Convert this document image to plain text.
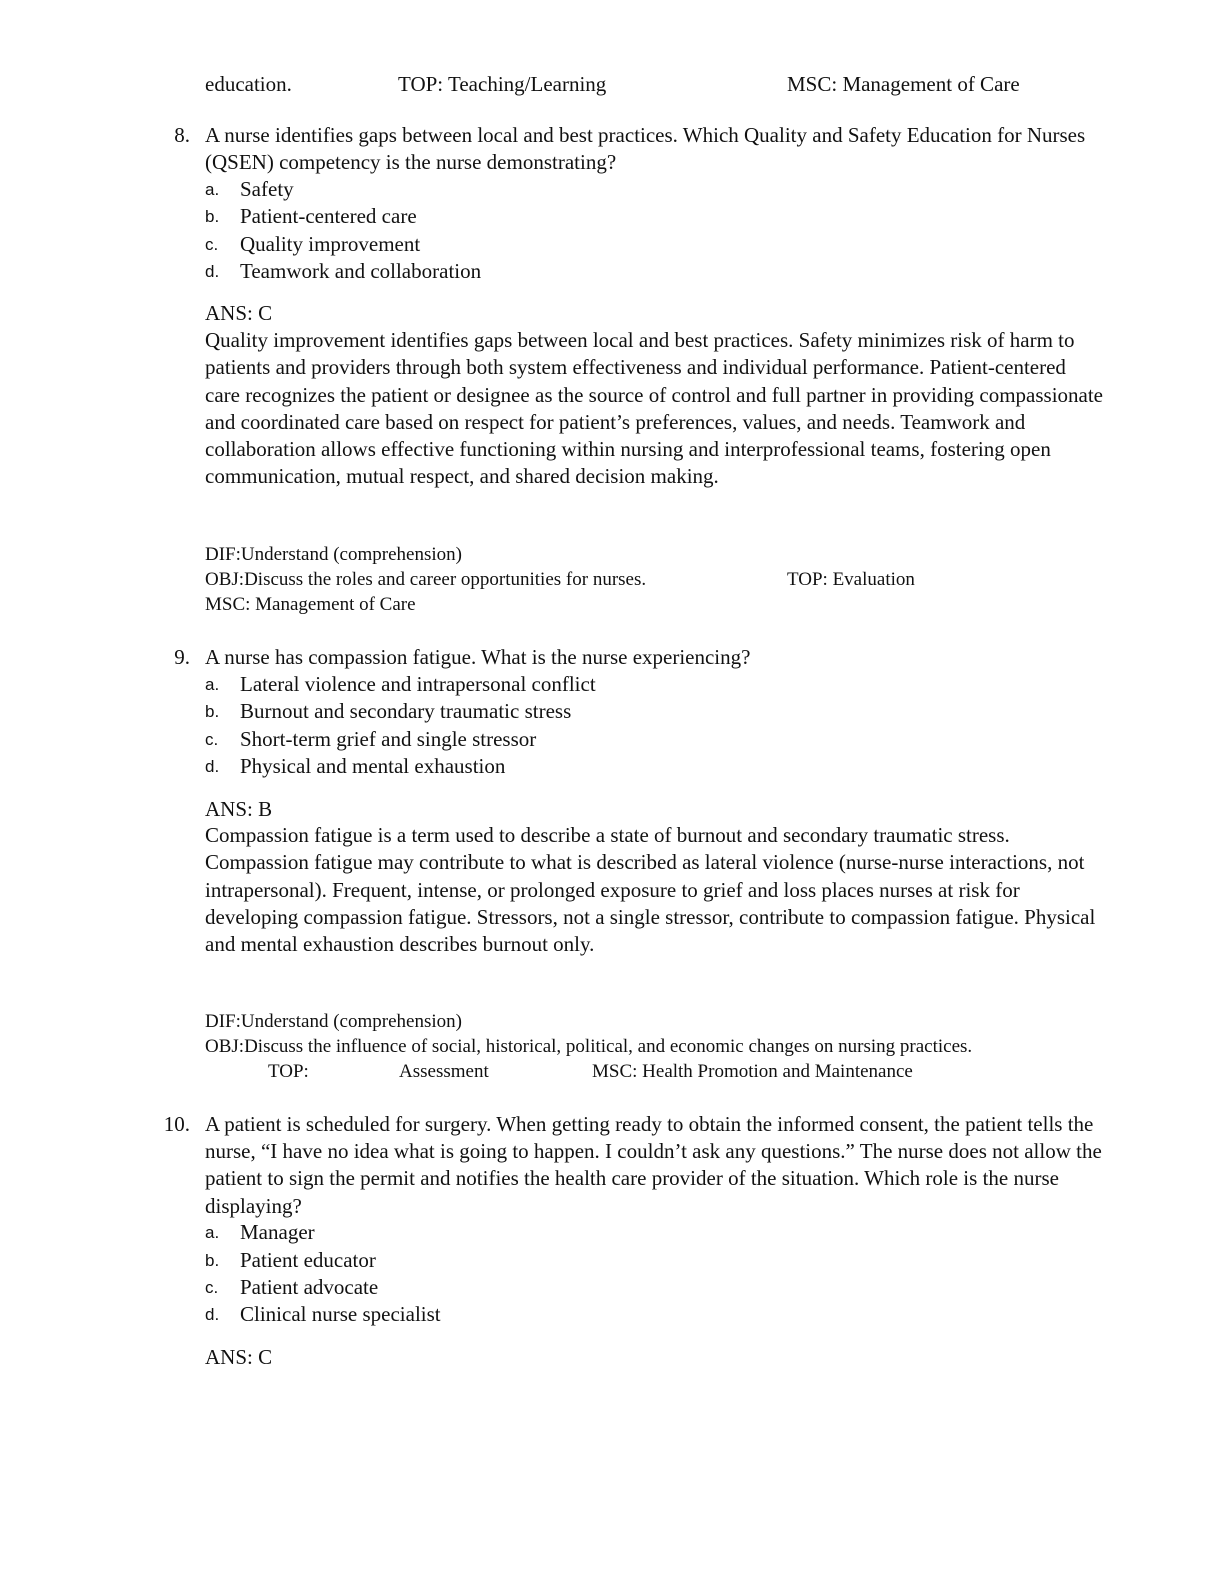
education.	TOP: Teaching/Learning	MSC: Management of Care
8. A nurse identifies gaps between local and best practices. Which Quality and Safety Education for Nurses (QSEN) competency is the nurse demonstrating?
a. Safety
b. Patient-centered care
c. Quality improvement
d. Teamwork and collaboration
ANS: C
Quality improvement identifies gaps between local and best practices. Safety minimizes risk of harm to patients and providers through both system effectiveness and individual performance. Patient-centered care recognizes the patient or designee as the source of control and full partner in providing compassionate and coordinated care based on respect for patient’s preferences, values, and needs. Teamwork and collaboration allows effective functioning within nursing and interprofessional teams, fostering open communication, mutual respect, and shared decision making.
DIF:Understand (comprehension)
OBJ:Discuss the roles and career opportunities for nurses.	TOP: Evaluation
MSC: Management of Care
9. A nurse has compassion fatigue. What is the nurse experiencing?
a. Lateral violence and intrapersonal conflict
b. Burnout and secondary traumatic stress
c. Short-term grief and single stressor
d. Physical and mental exhaustion
ANS: B
Compassion fatigue is a term used to describe a state of burnout and secondary traumatic stress. Compassion fatigue may contribute to what is described as lateral violence (nurse-nurse interactions, not intrapersonal). Frequent, intense, or prolonged exposure to grief and loss places nurses at risk for developing compassion fatigue. Stressors, not a single stressor, contribute to compassion fatigue. Physical and mental exhaustion describes burnout only.
DIF:Understand (comprehension)
OBJ:Discuss the influence of social, historical, political, and economic changes on nursing practices.
TOP:	Assessment	MSC: Health Promotion and Maintenance
10. A patient is scheduled for surgery. When getting ready to obtain the informed consent, the patient tells the nurse, “I have no idea what is going to happen. I couldn’t ask any questions.” The nurse does not allow the patient to sign the permit and notifies the health care provider of the situation. Which role is the nurse displaying?
a. Manager
b. Patient educator
c. Patient advocate
d. Clinical nurse specialist
ANS: C
